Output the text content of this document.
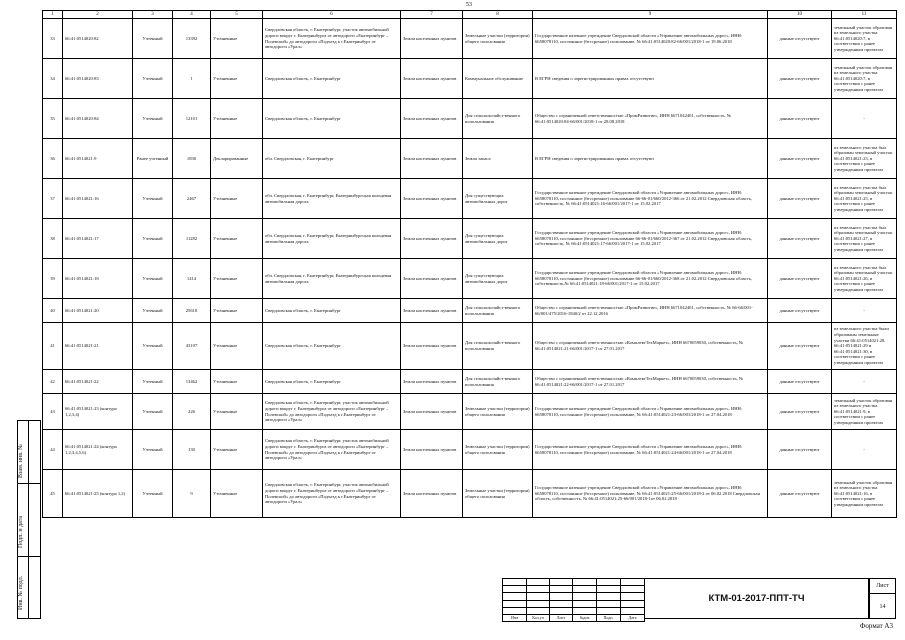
53
1	2	3	4	5	6	7	8	9	10	11
33	66:41:0514020:82	Учтенный	13392	Уточненные	Свердловская область, г. Екатеринбург, участок автомобильной дороги вокруг г. Екатеринбурга от автодороги «Екатеринбург – Полевской» до автодороги «Подъезд к г.Екатеринбург от автодороги «Урал»	Земли населенных пунктов	Земельные участки (территории) общего пользования	Государственное казенное учреждение Свердловской области «Управление автомобильных дорог», ИНН: 6658078110, постоянное (бессрочное) пользование, № 66:41:0514020:82-66/001/2018-1 от 19.06.2018	данные отсутствуют	земельный участок образован из земельного участка 66:41:0514020:7, в соответствии с ранее утвержденным проектом
34	66:41:0514020:83	Учтенный	1	Уточненные	Свердловская область, г. Екатеринбург	Земли населенных пунктов	Коммунальное обслуживание	В ЕГРН сведения о зарегистрированных правах отсутствуют	данные отсутствуют	земельный участок образован из земельного участка 66:41:0514020:7, в соответствии с ранее утвержденным проектом
35	66:41:0514020:84	Учтенный	12101	Уточненные	Свердловская область, г. Екатеринбург	Земли населенных пунктов	Для сельскохозяйст-венного использования	Общество с ограниченной ответственностью «ПромРазвитие», ИНН 6671042401, собственность, № 66:41:0514020:84-66/001/2018-1 от 28.08.2018	данные отсутствуют	-
36	66:41:0514021:9	Ранее учтенный	1830	Декларированные	обл. Свердловская, г. Екатеринбург	Земли населенных пунктов	Земли запаса	В ЕГРН сведения о зарегистрированных правах отсутствуют	данные отсутствуют	из земельного участка был образован земельный участок 66:41:0514021:23, в соответствии с ранее утвержденным проектом
37	66:41:0514021:16	Учтенный	2467	Уточненные	обл. Свердловская, г. Екатеринбург, Екатеринбургская кольцевая автомобильная дорога	Земли населенных пунктов	Для существующих автомобильных дорог	Государственное казенное учреждение Свердловской области «Управление автомобильных дорог», ИНН: 6658078110, постоянное (бессрочное) пользование 66-66-01/660/2012-366 от 21.02.2012 Свердловская область, собственность, № 66:41:0514021:16-66/001/2017-1 от 15.02.2017	данные отсутствуют	из земельного участка был образован земельный участок 66:41:0514021:25, в соответствии с ранее утвержденным проектом
38	66:41:0514021:17	Учтенный	11282	Уточненные	обл. Свердловская, г. Екатеринбург, Екатеринбургская кольцевая автомобильная дорога	Земли населенных пунктов	Для существующих автомобильных дорог	Государственное казенное учреждение Свердловской области «Управление автомобильных дорог», ИНН: 6658078110, постоянное (бессрочное) пользование 66-66-01/660/2012-367 от 21.02.2012 Свердловская область, собственность, № 66:41:0514021:17-66/001/2017-1 от 15.02.2017	данные отсутствуют	из земельного участка был образован земельный участок 66:41:0514021:27, в соответствии с ранее утвержденным проектом
39	66:41:0514021:18	Учтенный	1414	Уточненные	обл. Свердловская, г. Екатеринбург, Екатеринбургская кольцевая автомобильная дорога	Земли населенных пунктов	Для существующих автомобильных дорог	Государственное казенное учреждение Свердловской области «Управление автомобильных дорог», ИНН: 6658078110, постоянное (бессрочное) пользование 66-66-01/660/2012-368 от 21.02.2012 Свердловская область, собственность,№ 66:41:0514021:18-66/001/2017-1 от 15.02.2017	данные отсутствуют	из земельного участка был образован земельный участок 66:41:0514021:26, в соответствии с ранее утвержденным проектом
40	66:41:0514021:20	Учтенный	25618	Уточненные	Свердловская область, г. Екатеринбург	Земли населенных пунктов	Для сельскохозяйст-венного использования	Общество с ограниченной ответственностью «ПромРазвитие», ИНН 6671042401, собственность, № 66-66/001-66/001/475/2016-1840/2 от 22.12.2016	данные отсутствуют	-
41	66:41:0514021:21	Учтенный	43107	Уточненные	Свердловская область, г. Екатеринбург	Земли населенных пунктов	Для сельскохозяйст-венного использования	Общество с ограниченной ответственностью «КомплектТехМаркет», ИНН 6670059030, собственность, № 66:41:0514021:21-66/001/2017-1 от 27.01.2017	данные отсутствуют	из земельного участка были образованы земельные участки 66:41:0514021:28, 66:41:0514021:29 и 66:41:0514021:30, в соответствии с ранее утвержденным проектом
42	66:41:0514021:22	Учтенный	13462	Уточненные	Свердловская область, г. Екатеринбург	Земли населенных пунктов	Для сельскохозяйст-венного использования	Общество с ограниченной ответственностью «КомплектТехМаркет», ИНН 6670059030, собственность, № 66:41:0514021:22-66/001/2017-1 от 27.01.2017	данные отсутствуют	-
43	66:41:0514021:23 (контура 1,2,3,4)	Учтенный	226	Уточненные	Свердловская область, г. Екатеринбург, участок автомобильной дороги вокруг г. Екатеринбурга от автодороги «Екатеринбург – Полевской» до автодороги «Подъезд к г.Екатеринбург от автодороги «Урал»	Земли населенных пунктов	Земельные участки (территории) общего пользования	Государственное казенное учреждение Свердловской области «Управление автомобильных дорог», ИНН: 6658078110, постоянное (бессрочное) пользование, № 66:41:0514021:23-66/001/2018-1 от 27.04.2018	данные отсутствуют	земельный участок образован из земельного участка 66:41:0514021:9, в соответствии с ранее утвержденным проектом
44	66:41:0514021:24 (контура 1,2,3,4,5,6)	Учтенный	130	Уточненные	Свердловская область, г. Екатеринбург, участок автомобильной дороги вокруг г. Екатеринбурга от автодороги «Екатеринбург – Полевской» до автодороги «Подъезд к г.Екатеринбург от автодороги «Урал»	Земли населенных пунктов	Земельные участки (территории) общего пользования	Государственное казенное учреждение Свердловской области «Управление автомобильных дорог», ИНН: 6658078110, постоянное (бессрочное) пользование, № 66:41:0514021:24-66/001/2018-1 от 27.04.2018	данные отсутствуют	-
45	66:41:0514021:25 (контура 1,2)	Учтенный	9	Уточненные	Свердловская область, г. Екатеринбург, участок автомобильной дороги вокруг г. Екатеринбурга от автодороги «Екатеринбург – Полевской» до автодороги «Подъезд к г.Екатеринбург от автодороги «Урал»	Земли населенных пунктов	Земельные участки (территории) общего пользования	Государственное казенное учреждение Свердловской области «Управление автомобильных дорог», ИНН: 6658078110, постоянное (бессрочное) пользование, № 66:41:0514021:25-66/001/2018-2 от 06.02.2018 Свердловская область, собственность, № 66:41:0514021:25-66/001/2018-1от 06.02.2018	данные отсутствуют	земельный участок образован из земельного участка 66:41:0514021:16, в соответствии с ранее утвержденным проектом
Взам. инв. №
Подп. и дата
Инв. № подл.

Изм	Кол.уч	Лист	№док	Подп.	Дата
КТМ-01-2017-ППТ-ТЧ
Лист
14
Формат А3
